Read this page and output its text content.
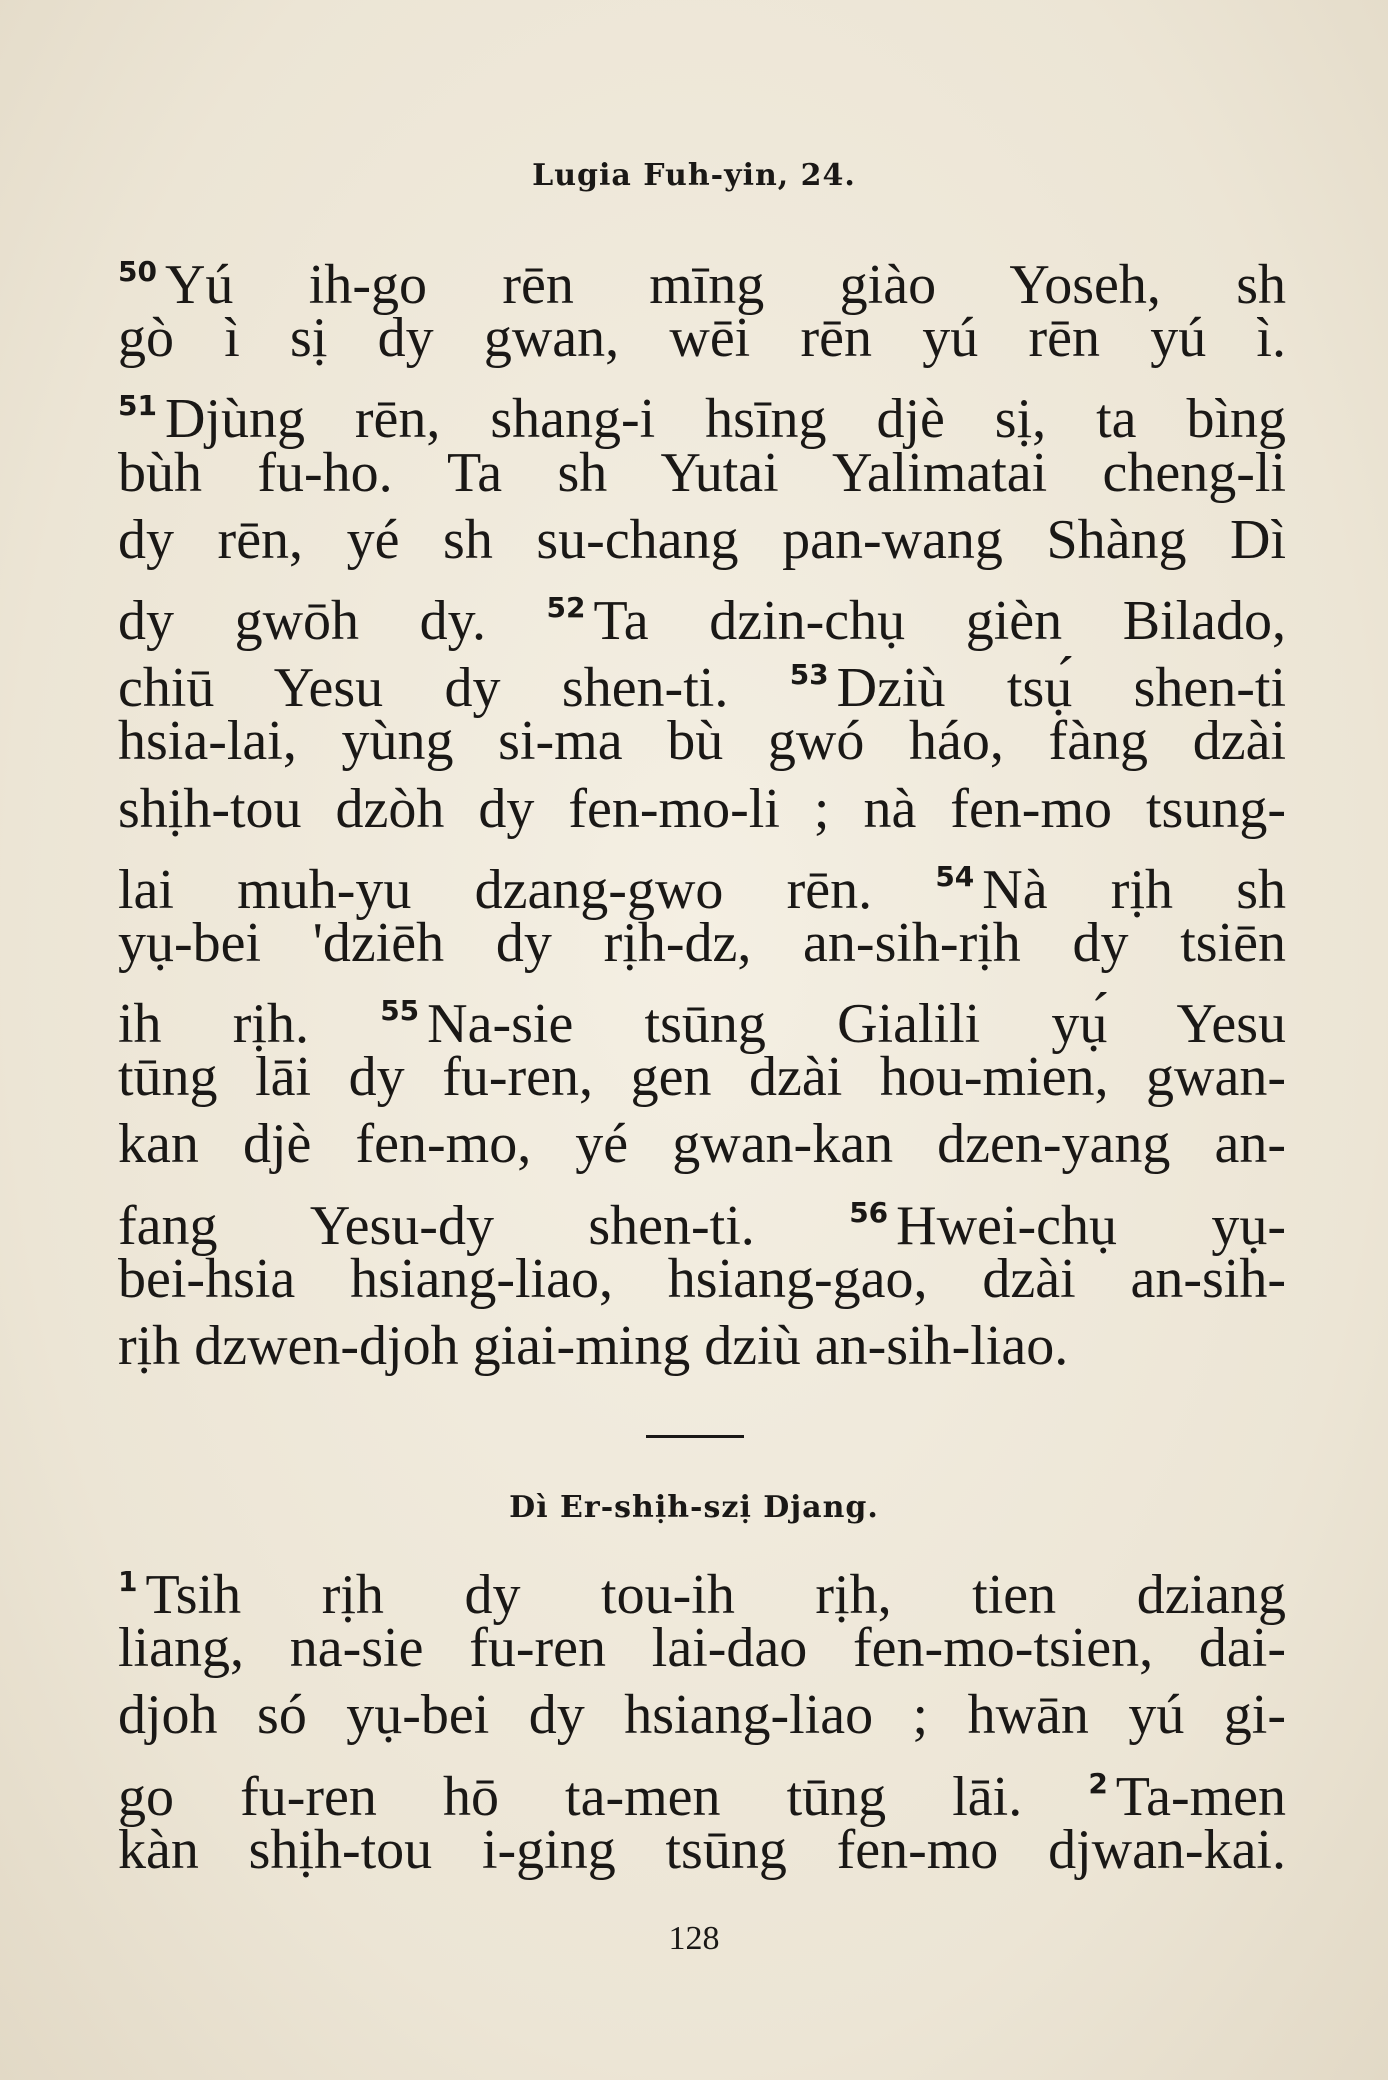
Lugia Fuh-yin, 24.
$^{50}$ Yú ih-go rēn mīng giào Yoseh, sh
gò ì sị dy gwan, wēi rēn yú rēn yú ì.
$^{51}$ Djùng rēn, shang-i hsīng djè sị, ta bìng
bùh fu-ho. Ta sh Yutai Yalimatai cheng-li
dy rēn, yé sh su-chang pan-wang Shàng Dì
dy gwōh dy. $^{52}$ Ta dzin-chụ gièn Bilado,
chiū Yesu dy shen-ti. $^{53}$ Dziù tsụ́ shen-ti
hsia-lai, yùng si-ma bù gwó háo, fàng dzài
shịh-tou dzòh dy fen-mo-li ; nà fen-mo tsung-
lai muh-yu dzang-gwo rēn. $^{54}$ Nà rịh sh
yụ-bei 'dziēh dy rịh-dz, an-sih-rịh dy tsiēn
ih rịh.	$^{55}$ Na-sie tsūng Gialili yụ́ Yesu
tūng lāi dy fu-ren, gen dzài hou-mien, gwan-
kan djè fen-mo, yé gwan-kan dzen-yang an-
fang Yesu-dy shen-ti.	$^{56}$ Hwei-chụ yụ-
bei-hsia hsiang-liao, hsiang-gao, dzài an-sih-
rịh dzwen-djoh giai-ming dziù an-sih-liao.
Dì Er-shịh-szị Djang.
$^1$ Tsih rịh dy tou-ih rịh, tien dziang
liang, na-sie fu-ren lai-dao fen-mo-tsien, dai-
djoh só yụ-bei dy hsiang-liao ; hwān yú gi-
go fu-ren hō ta-men tūng lāi. $^2$ Ta-men
kàn shịh-tou i-ging tsūng fen-mo djwan-kai.
128
